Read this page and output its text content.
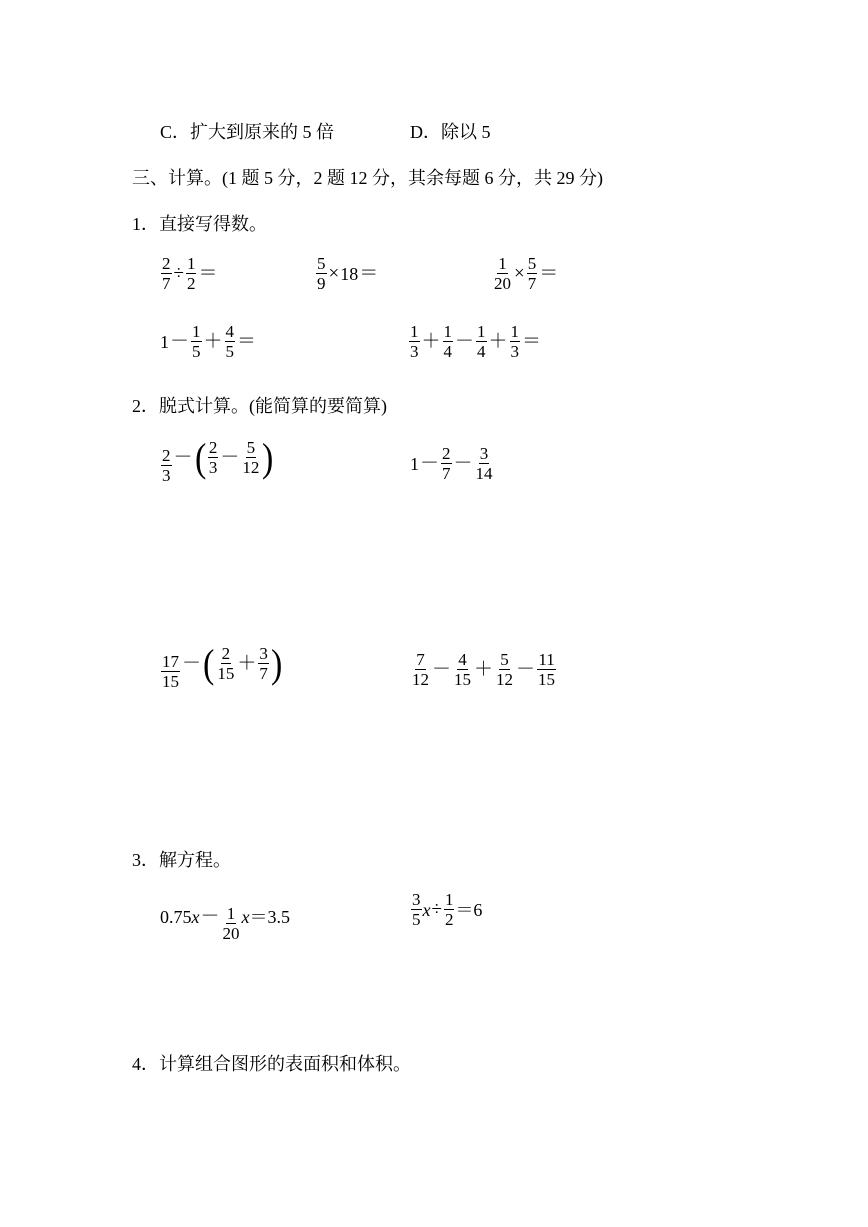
C．扩大到原来的 5 倍	D．除以 5
三、计算。(1 题 5 分，2 题 12 分，其余每题 6 分，共 29 分)
1．直接写得数。
$\frac{2}{7} \div \frac{1}{2}$ ＝	$\frac{5}{9} \times 18$ ＝	$\frac{1}{20} \times \frac{5}{7}$ ＝
$1 - \frac{1}{5} + \frac{4}{5}$ ＝	$\frac{1}{3} + \frac{1}{4} - \frac{1}{4} + \frac{1}{3}$ ＝
2．脱式计算。(能简算的要简算)
$\frac{2}{3}$ － ( $\frac{2}{3} - \frac{5}{12}$ )	$1 - \frac{2}{7} - \frac{3}{14}$
$\frac{17}{15}$ － ( $\frac{2}{15} + \frac{3}{7}$ )	$\frac{7}{12} - \frac{4}{15} + \frac{5}{12} - \frac{11}{15}$
3．解方程。
0.75 $x - \frac{1}{20}$ x ＝3.5	$\frac{3}{5}$ $x \div \frac{1}{2} =6$
4．计算组合图形的表面积和体积。
